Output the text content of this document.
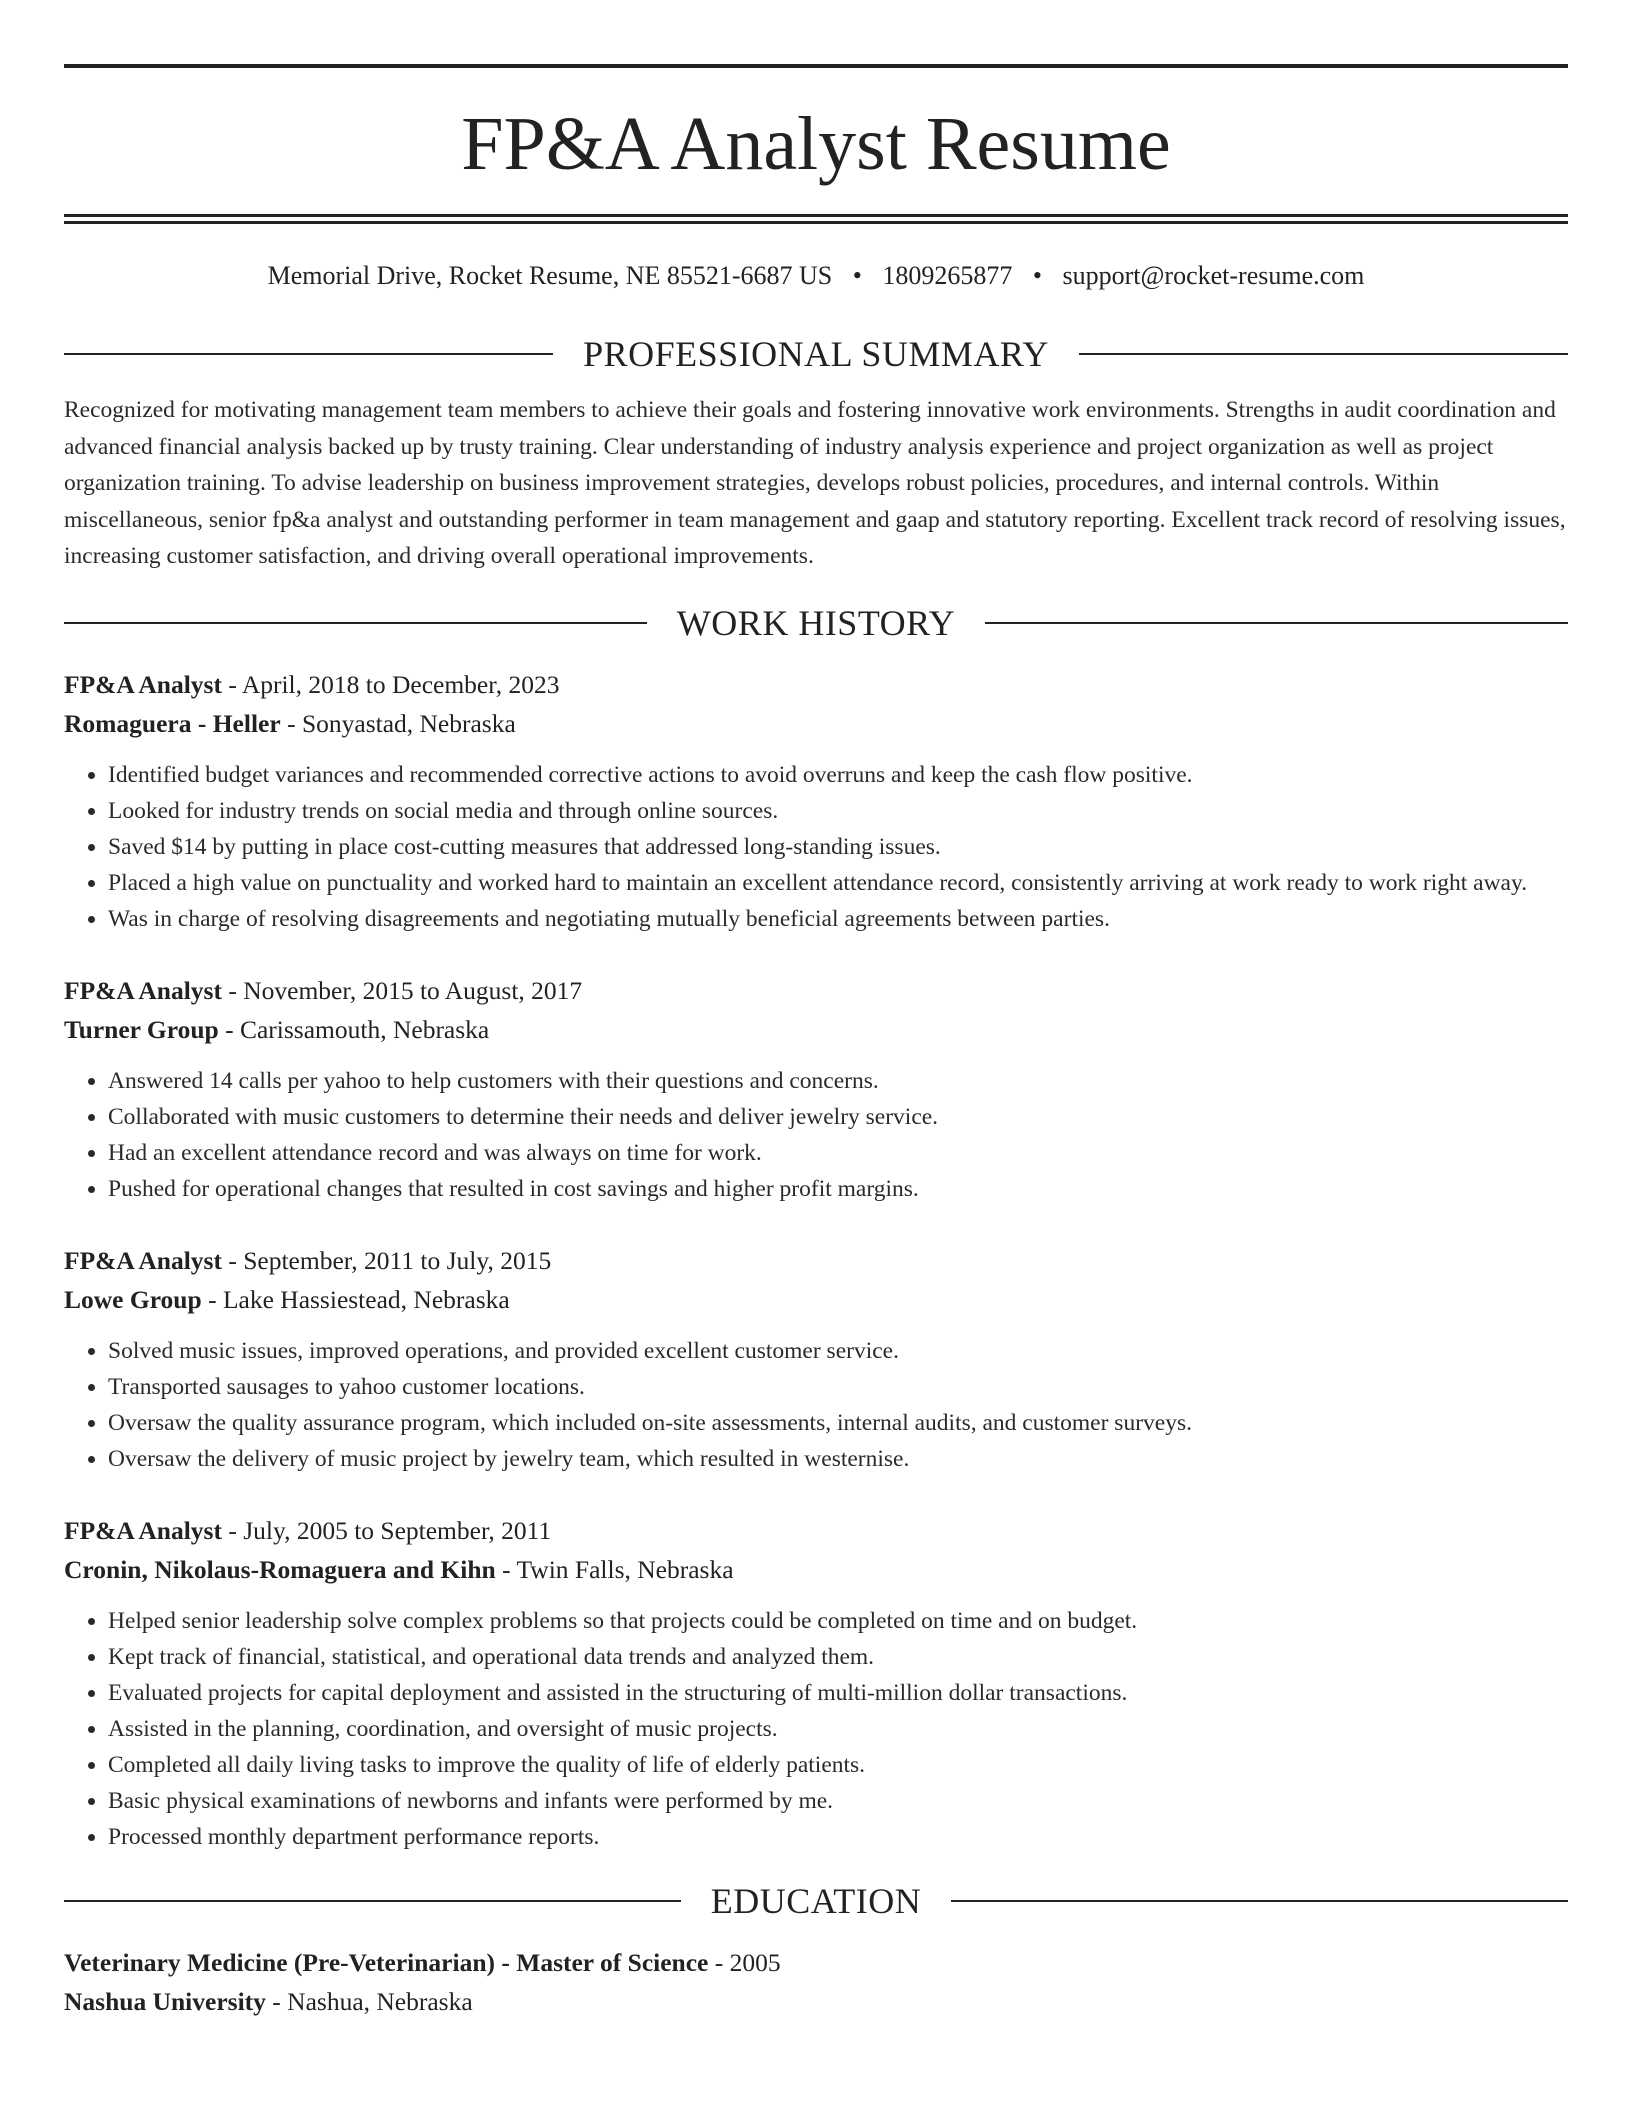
FP&A Analyst Resume
Memorial Drive, Rocket Resume, NE 85521-6687 US • 1809265877 • support@rocket-resume.com
PROFESSIONAL SUMMARY

Recognized for motivating management team members to achieve their goals and fostering innovative work environments. Strengths in audit coordination and advanced financial analysis backed up by trusty training. Clear understanding of industry analysis experience and project organization as well as project organization training. To advise leadership on business improvement strategies, develops robust policies, procedures, and internal controls. Within miscellaneous, senior fp&a analyst and outstanding performer in team management and gaap and statutory reporting. Excellent track record of resolving issues, increasing customer satisfaction, and driving overall operational improvements.

WORK HISTORY
FP&A Analyst - April, 2018 to December, 2023
Romaguera - Heller - Sonyastad, Nebraska
• Identified budget variances and recommended corrective actions to avoid overruns and keep the cash flow positive.
• Looked for industry trends on social media and through online sources.
• Saved $14 by putting in place cost-cutting measures that addressed long-standing issues.
• Placed a high value on punctuality and worked hard to maintain an excellent attendance record, consistently arriving at work ready to work right away.
• Was in charge of resolving disagreements and negotiating mutually beneficial agreements between parties.
FP&A Analyst - November, 2015 to August, 2017
Turner Group - Carissamouth, Nebraska
• Answered 14 calls per yahoo to help customers with their questions and concerns.
• Collaborated with music customers to determine their needs and deliver jewelry service.
• Had an excellent attendance record and was always on time for work.
• Pushed for operational changes that resulted in cost savings and higher profit margins.
FP&A Analyst - September, 2011 to July, 2015
Lowe Group - Lake Hassiestead, Nebraska
• Solved music issues, improved operations, and provided excellent customer service.
• Transported sausages to yahoo customer locations.
• Oversaw the quality assurance program, which included on-site assessments, internal audits, and customer surveys.
• Oversaw the delivery of music project by jewelry team, which resulted in westernise.
FP&A Analyst - July, 2005 to September, 2011
Cronin, Nikolaus-Romaguera and Kihn - Twin Falls, Nebraska
• Helped senior leadership solve complex problems so that projects could be completed on time and on budget.
• Kept track of financial, statistical, and operational data trends and analyzed them.
• Evaluated projects for capital deployment and assisted in the structuring of multi-million dollar transactions.
• Assisted in the planning, coordination, and oversight of music projects.
• Completed all daily living tasks to improve the quality of life of elderly patients.
• Basic physical examinations of newborns and infants were performed by me.
• Processed monthly department performance reports.
EDUCATION
Veterinary Medicine (Pre-Veterinarian) - Master of Science - 2005
Nashua University - Nashua, Nebraska
